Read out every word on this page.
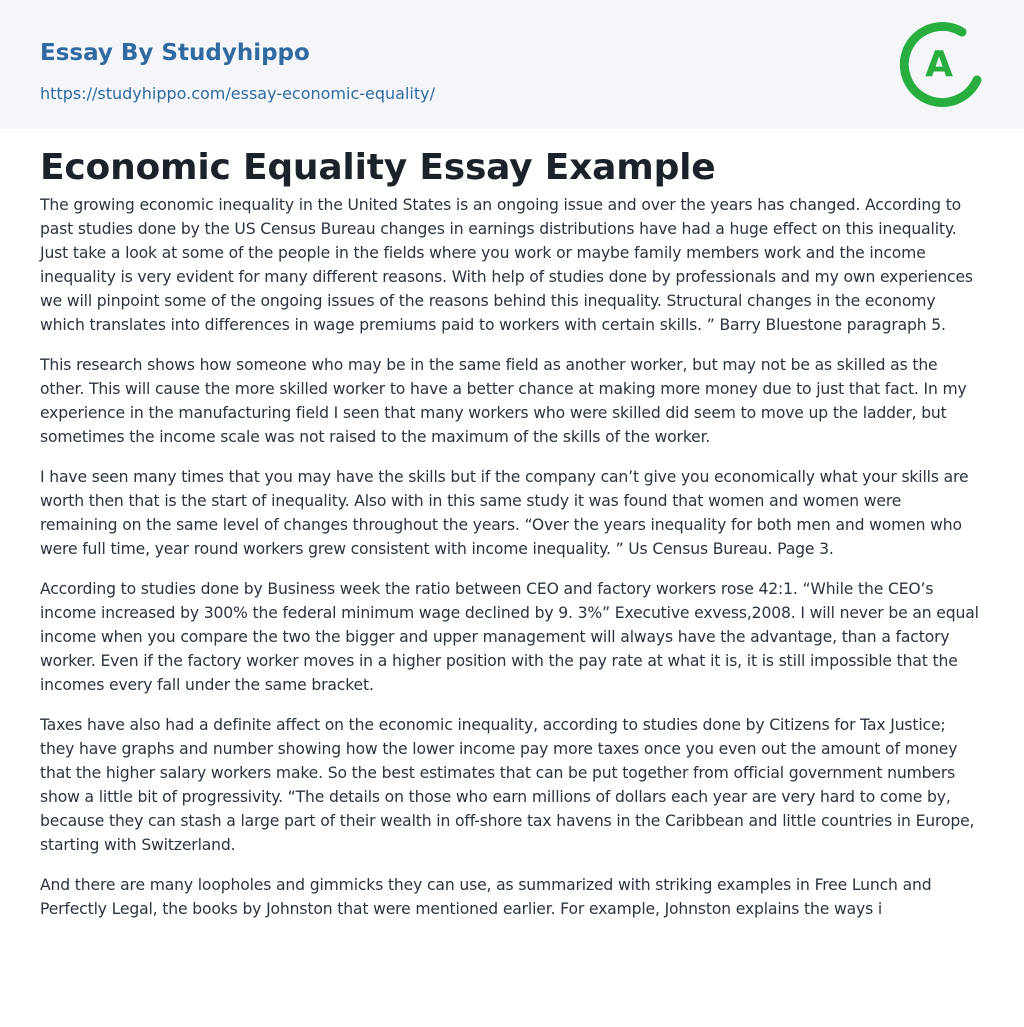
Essay By Studyhippo
https://studyhippo.com/essay-economic-equality/
A
Economic Equality Essay Example

The growing economic inequality in the United States is an ongoing issue and over the years has changed. According to past studies done by the US Census Bureau changes in earnings distributions have had a huge effect on this inequality. Just take a look at some of the people in the fields where you work or maybe family members work and the income inequality is very evident for many different reasons. With help of studies done by professionals and my own experiences we will pinpoint some of the ongoing issues of the reasons behind this inequality. Structural changes in the economy which translates into differences in wage premiums paid to workers with certain skills. ” Barry Bluestone paragraph 5.

This research shows how someone who may be in the same field as another worker, but may not be as skilled as the other. This will cause the more skilled worker to have a better chance at making more money due to just that fact. In my experience in the manufacturing field I seen that many workers who were skilled did seem to move up the ladder, but sometimes the income scale was not raised to the maximum of the skills of the worker.

I have seen many times that you may have the skills but if the company can’t give you economically what your skills are worth then that is the start of inequality. Also with in this same study it was found that women and women were remaining on the same level of changes throughout the years. “Over the years inequality for both men and women who were full time, year round workers grew consistent with income inequality. ” Us Census Bureau. Page 3.

According to studies done by Business week the ratio between CEO and factory workers rose 42:1. “While the CEO’s income increased by 300% the federal minimum wage declined by 9. 3%” Executive exvess,2008. I will never be an equal income when you compare the two the bigger and upper management will always have the advantage, than a factory worker. Even if the factory worker moves in a higher position with the pay rate at what it is, it is still impossible that the incomes every fall under the same bracket.

Taxes have also had a definite affect on the economic inequality, according to studies done by Citizens for Tax Justice; they have graphs and number showing how the lower income pay more taxes once you even out the amount of money that the higher salary workers make. So the best estimates that can be put together from official government numbers show a little bit of progressivity. “The details on those who earn millions of dollars each year are very hard to come by, because they can stash a large part of their wealth in off-shore tax havens in the Caribbean and little countries in Europe, starting with Switzerland.

And there are many loopholes and gimmicks they can use, as summarized with striking examples in Free Lunch and Perfectly Legal, the books by Johnston that were mentioned earlier. For example, Johnston explains the ways i
